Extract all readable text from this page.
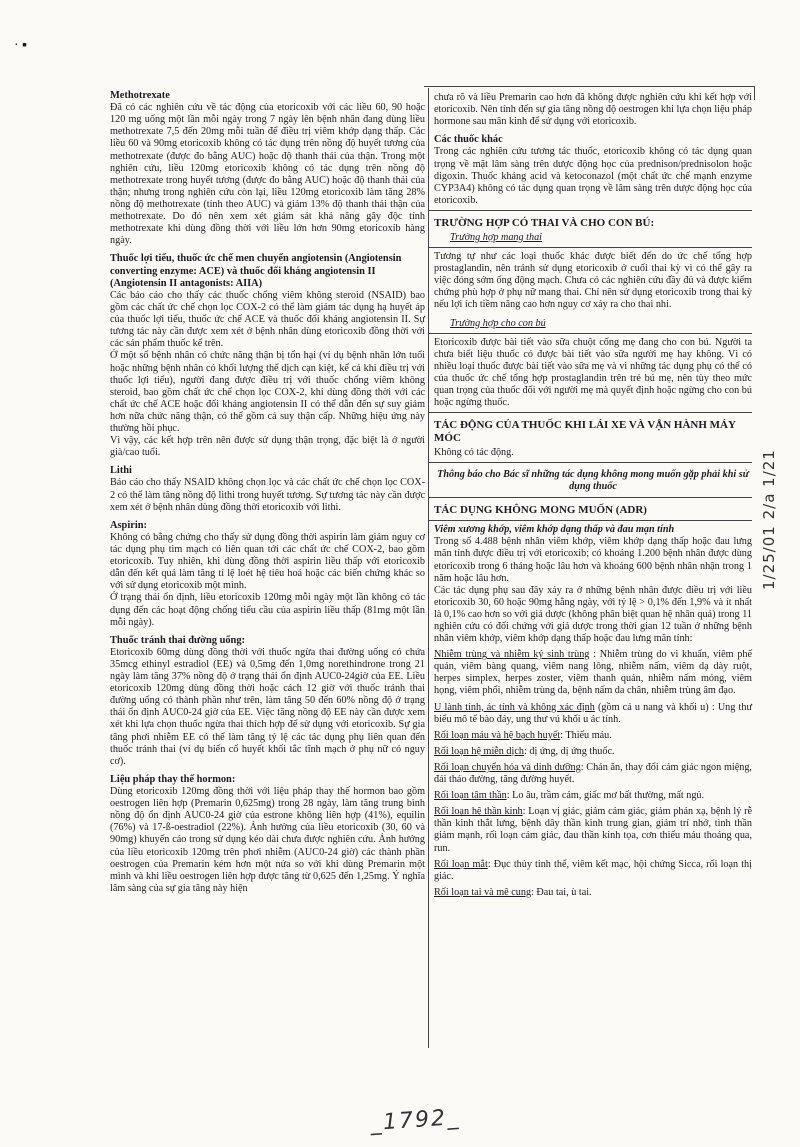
· ▪
Methotrexate

Đã có các nghiên cứu về tác động của etoricoxib với các liều 60, 90 hoặc 120 mg uống một lần mỗi ngày trong 7 ngày lên bệnh nhân đang dùng liều methotrexate 7,5 đến 20mg mỗi tuần để điều trị viêm khớp dạng thấp. Các liều 60 và 90mg etoricoxib không có tác dụng trên nồng độ huyết tương của methotrexate (được đo bằng AUC) hoặc độ thanh thải của thận. Trong một nghiên cứu, liều 120mg etoricoxib không có tác dụng trên nồng độ methotrexate trong huyết tương (được đo bằng AUC) hoặc độ thanh thải của thận; nhưng trong nghiên cứu còn lại, liều 120mg etoricoxib làm tăng 28% nồng độ methotrexate (tính theo AUC) và giảm 13% độ thanh thải thận của methotrexate. Do đó nên xem xét giám sát khả năng gây độc tính methotrexate khi dùng đồng thời với liều lớn hơn 90mg etoricoxib hàng ngày.

Thuốc lợi tiểu, thuốc ức chế men chuyển angiotensin (Angiotensin converting enzyme: ACE) và thuốc đối kháng angiotensin II (Angiotensin II antagonists: AIIA)

Các báo cáo cho thấy các thuốc chống viêm không steroid (NSAID) bao gồm các chất ức chế chọn lọc COX-2 có thể làm giảm tác dụng hạ huyết áp của thuốc lợi tiểu, thuốc ức chế ACE và thuốc đối kháng angiotensin II. Sự tương tác này cần được xem xét ở bệnh nhân dùng etoricoxib đồng thời với các sản phẩm thuốc kể trên.

Ở một số bệnh nhân có chức năng thận bị tổn hại (ví dụ bệnh nhân lớn tuổi hoặc những bệnh nhân có khối lượng thể dịch cạn kiệt, kể cả khi điều trị với thuốc lợi tiểu), người đang được điều trị với thuốc chống viêm không steroid, bao gồm chất ức chế chọn lọc COX-2, khi dùng đồng thời với các chất ức chế ACE hoặc đối kháng angiotensin II có thể dẫn đến sự suy giảm hơn nữa chức năng thận, có thể gồm cả suy thận cấp. Những hiệu ứng này thường hồi phục.

Vì vậy, các kết hợp trên nên được sử dụng thận trọng, đặc biệt là ở người già/cao tuổi.

Lithi

Báo cáo cho thấy NSAID không chọn lọc và các chất ức chế chọn lọc COX-2 có thể làm tăng nồng độ lithi trong huyết tương. Sự tương tác này cần được xem xét ở bệnh nhân dùng đồng thời etoricoxib với lithi.

Aspirin:

Không có bằng chứng cho thấy sử dụng đồng thời aspirin làm giảm nguy cơ tác dụng phụ tim mạch có liên quan tới các chất ức chế COX-2, bao gồm etoricoxib. Tuy nhiên, khi dùng đồng thời aspirin liều thấp với etoricoxib dẫn đến kết quả làm tăng tỉ lệ loét hệ tiêu hoá hoặc các biến chứng khác so với sử dụng etoricoxib một mình.

Ở trạng thái ổn định, liều etoricoxib 120mg mỗi ngày một lần không có tác dụng đến các hoạt động chống tiểu cầu của aspirin liều thấp (81mg một lần mỗi ngày).

Thuốc tránh thai đường uống:

Etoricoxib 60mg dùng đồng thời với thuốc ngừa thai đường uống có chứa 35mcg ethinyl estradiol (EE) và 0,5mg đến 1,0mg norethindrone trong 21 ngày làm tăng 37% nồng độ ở trạng thái ổn định AUC0-24giờ của EE. Liều etoricoxib 120mg dùng đồng thời hoặc cách 12 giờ với thuốc tránh thai đường uống có thành phần như trên, làm tăng 50 đến 60% nồng độ ở trạng thái ổn định AUC0-24 giờ của EE. Việc tăng nồng độ EE này cần được xem xét khi lựa chọn thuốc ngừa thai thích hợp để sử dụng với etoricoxib. Sự gia tăng phơi nhiễm EE có thể làm tăng tỷ lệ các tác dụng phụ liên quan đến thuốc tránh thai (ví dụ biến cố huyết khối tắc tĩnh mạch ở phụ nữ có nguy cơ).

Liệu pháp thay thế hormon:

Dùng etoricoxib 120mg đồng thời với liệu pháp thay thế hormon bao gồm oestrogen liên hợp (Premarin 0,625mg) trong 28 ngày, làm tăng trung bình nồng độ ổn định AUC0-24 giờ của estrone không liên hợp (41%), equilin (76%) và 17-ß-oestradiol (22%). Ảnh hưởng của liều etoricoxib (30, 60 và 90mg) khuyến cáo trong sử dụng kéo dài chưa được nghiên cứu. Ảnh hưởng của liều etoricoxib 120mg trên phơi nhiễm (AUC0-24 giờ) các thành phần oestrogen của Premarin kém hơn một nửa so với khi dùng Premarin một mình và khi liều oestrogen liên hợp được tăng từ 0,625 đến 1,25mg. Ý nghĩa lâm sàng của sự gia tăng này hiện

chưa rõ và liều Premarin cao hơn đã không được nghiên cứu khi kết hợp với etoricoxib. Nên tính đến sự gia tăng nồng độ oestrogen khi lựa chọn liệu pháp hormone sau mãn kinh để sử dụng với etoricoxib.

Các thuốc khác

Trong các nghiên cứu tương tác thuốc, etoricoxib không có tác dụng quan trọng về mặt lâm sàng trên dược động học của prednison/prednisolon hoặc digoxin. Thuốc kháng acid và ketoconazol (một chất ức chế mạnh enzyme CYP3A4) không có tác dụng quan trọng về lâm sàng trên dược động học của etoricoxib.

TRƯỜNG HỢP CÓ THAI VÀ CHO CON BÚ:
Trường hợp mang thai

Tương tự như các loại thuốc khác được biết đến do ức chế tổng hợp prostaglandin, nên tránh sử dụng etoricoxib ở cuối thai kỳ vì có thể gây ra việc đóng sớm ống động mạch. Chưa có các nghiên cứu đầy đủ và được kiểm chứng phù hợp ở phụ nữ mang thai. Chỉ nên sử dụng etoricoxib trong thai kỳ nếu lợi ích tiềm năng cao hơn nguy cơ xảy ra cho thai nhi.

Trường hợp cho con bú

Etoricoxib được bài tiết vào sữa chuột cống mẹ đang cho con bú. Người ta chưa biết liệu thuốc có được bài tiết vào sữa người mẹ hay không. Vì có nhiều loại thuốc được bài tiết vào sữa mẹ và vì những tác dụng phụ có thể có của thuốc ức chế tổng hợp prostaglandin trên trẻ bú mẹ, nên tùy theo mức quan trọng của thuốc đối với người mẹ mà quyết định hoặc ngừng cho con bú hoặc ngừng thuốc.

TÁC ĐỘNG CỦA THUỐC KHI LÁI XE VÀ VẬN HÀNH MÁY MÓC

Không có tác động.

Thông báo cho Bác sĩ những tác dụng không mong muốn gặp phải khi sử dụng thuốc
TÁC DỤNG KHÔNG MONG MUỐN (ADR)

Viêm xương khớp, viêm khớp dạng thấp và đau mạn tính

Trong số 4.488 bệnh nhân viêm khớp, viêm khớp dạng thấp hoặc đau lưng mãn tính được điều trị với etoricoxib; có khoảng 1.200 bệnh nhân được dùng etoricoxib trong 6 tháng hoặc lâu hơn và khoảng 600 bệnh nhân nhận trong 1 năm hoặc lâu hơn.

Các tác dụng phụ sau đây xảy ra ở những bệnh nhân được điều trị với liều etoricoxib 30, 60 hoặc 90mg hằng ngày, với tỷ lệ > 0,1% đến 1,9% và ít nhất là 0,1% cao hơn so với giả dược (không phân biệt quan hệ nhân quả) trong 11 nghiên cứu có đối chứng với giả dược trong thời gian 12 tuần ở những bệnh nhân viêm khớp, viêm khớp dạng thấp hoặc đau lưng mãn tính:

Nhiễm trùng và nhiễm ký sinh trùng : Nhiễm trùng do vi khuẩn, viêm phế quản, viêm bàng quang, viêm nang lông, nhiễm nấm, viêm dạ dày ruột, herpes simplex, herpes zoster, viêm thanh quản, nhiễm nấm móng, viêm họng, viêm phổi, nhiễm trùng da, bệnh nấm da chân, nhiễm trùng âm đạo.

U lành tính, ác tính và không xác định (gồm cả u nang và khối u) : Ung thư biểu mô tế bào đáy, ung thư vú khối u ác tính.

Rối loạn máu và hệ bạch huyết: Thiếu máu.

Rối loạn hệ miễn dịch: dị ứng, dị ứng thuốc.

Rối loạn chuyển hóa và dinh dưỡng: Chán ăn, thay đổi cảm giác ngon miệng, đái tháo đường, tăng đường huyết.

Rối loạn tâm thần: Lo âu, trầm cảm, giấc mơ bất thường, mất ngủ.

Rối loạn hệ thần kinh: Loạn vị giác, giảm cảm giác, giảm phản xạ, bệnh lý rễ thần kinh thắt lưng, bệnh dây thần kinh trung gian, giảm trí nhớ, tình thần giảm mạnh, rối loạn cảm giác, đau thần kinh tọa, cơn thiếu máu thoáng qua, run.

Rối loạn mắt: Đục thủy tinh thể, viêm kết mạc, hội chứng Sicca, rối loạn thị giác.

Rối loạn tai và mê cung: Đau tai, ù tai.

1/25/01 2/a 1/21
_1792_
